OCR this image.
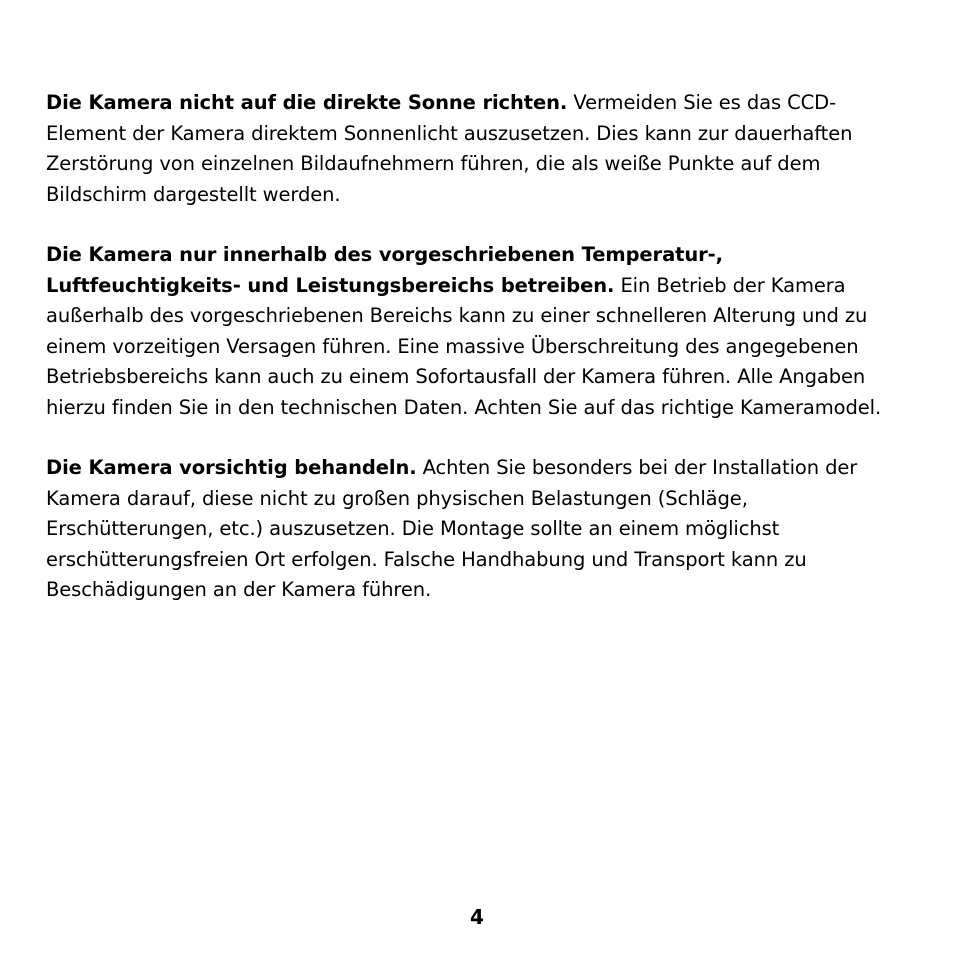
Die Kamera nicht auf die direkte Sonne richten. Vermeiden Sie es das CCD-Element der Kamera direktem Sonnenlicht auszusetzen. Dies kann zur dauerhaften Zerstörung von einzelnen Bildaufnehmern führen, die als weiße Punkte auf dem Bildschirm dargestellt werden.

Die Kamera nur innerhalb des vorgeschriebenen Temperatur-, Luftfeuchtigkeits- und Leistungsbereichs betreiben. Ein Betrieb der Kamera außerhalb des vorgeschriebenen Bereichs kann zu einer schnelleren Alterung und zu einem vorzeitigen Versagen führen. Eine massive Überschreitung des angegebenen Betriebsbereichs kann auch zu einem Sofortausfall der Kamera führen. Alle Angaben hierzu finden Sie in den technischen Daten. Achten Sie auf das richtige Kameramodel.

Die Kamera vorsichtig behandeln. Achten Sie besonders bei der Installation der Kamera darauf, diese nicht zu großen physischen Belastungen (Schläge, Erschütterungen, etc.) auszusetzen. Die Montage sollte an einem möglichst erschütterungsfreien Ort erfolgen. Falsche Handhabung und Transport kann zu Beschädigungen an der Kamera führen.

4
